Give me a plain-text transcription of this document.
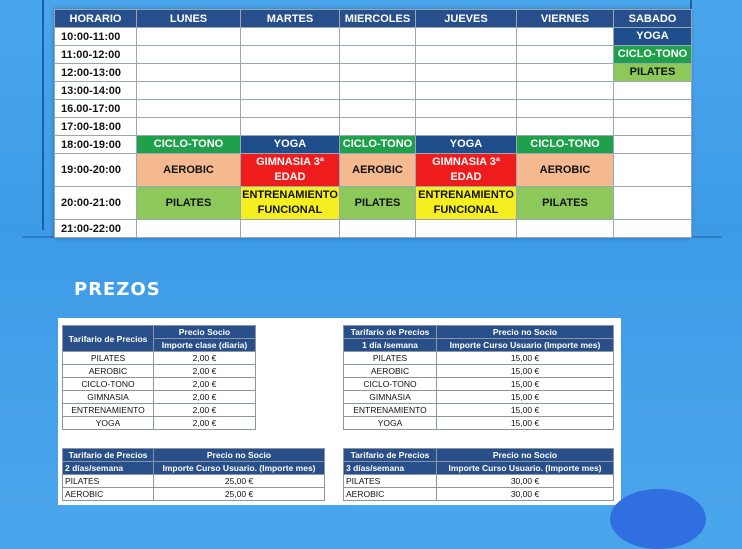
HORARIO	LUNES	MARTES	MIERCOLES	JUEVES	VIERNES	SABADO
10:00-11:00						YOGA
11:00-12:00						CICLO-TONO
12:00-13:00						PILATES
13:00-14:00						
16.00-17:00						
17:00-18:00						
18:00-19:00	CICLO-TONO	YOGA	CICLO-TONO	YOGA	CICLO-TONO	
19:00-20:00	AEROBIC	GIMNASIA 3ª EDAD	AEROBIC	GIMNASIA 3ª EDAD	AEROBIC	
20:00-21:00	PILATES	ENTRENAMIENTO FUNCIONAL	PILATES	ENTRENAMIENTO FUNCIONAL	PILATES	
21:00-22:00						
PREZOS
Tarifario de Precios	Precio Socio
	Importe clase (diaria)
PILATES	2,00 €
AEROBIC	2,00 €
CICLO-TONO	2,00 €
GIMNASIA	2,00 €
ENTRENAMIENTO	2,00 €
YOGA	2,00 €
Tarifario de Precios	Precio no Socio
1 día /semana	Importe Curso Usuario (Importe mes)
PILATES	15,00 €
AEROBIC	15,00 €
CICLO-TONO	15,00 €
GIMNASIA	15,00 €
ENTRENAMIENTO	15,00 €
YOGA	15,00 €
Tarifario de Precios	Precio no Socio
2 días/semana	Importe Curso Usuario. (Importe mes)
PILATES	25,00 €
AEROBIC	25,00 €
Tarifario de Precios	Precio no Socio
3 días/semana	Importe Curso Usuario. (Importe mes)
PILATES	30,00 €
AEROBIC	30,00 €
